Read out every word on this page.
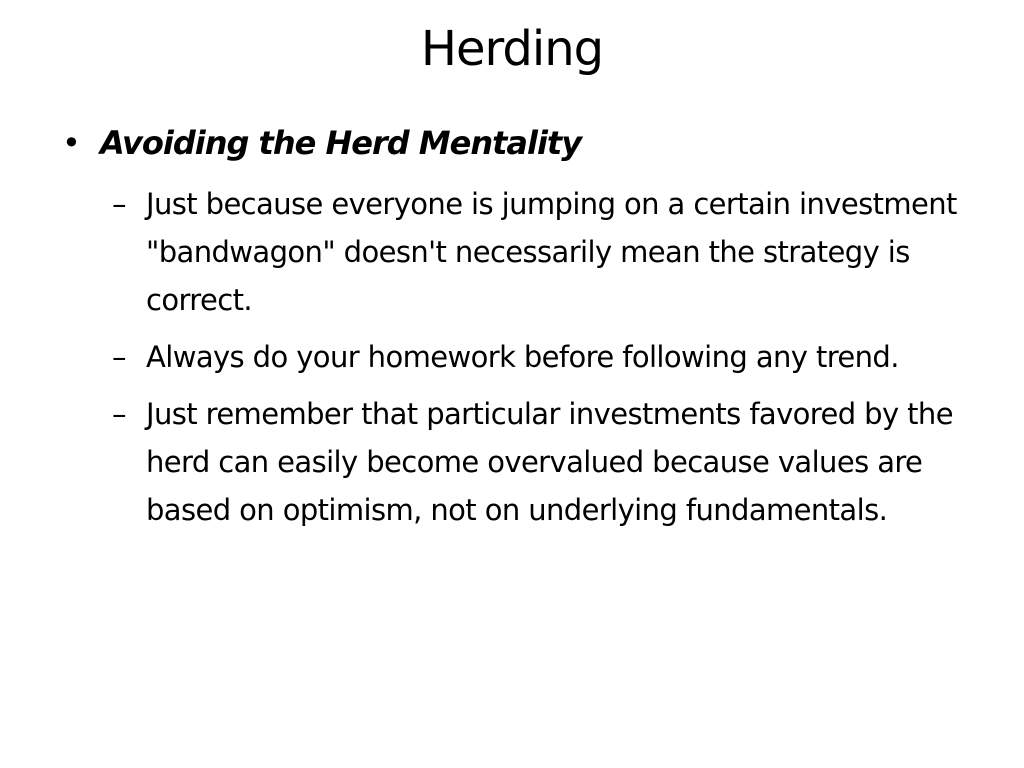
Herding
• Avoiding the Herd Mentality
– Just because everyone is jumping on a certain investment "bandwagon" doesn't necessarily mean the strategy is correct.
– Always do your homework before following any trend.
– Just remember that particular investments favored by the herd can easily become overvalued because values are based on optimism, not on underlying fundamentals.
